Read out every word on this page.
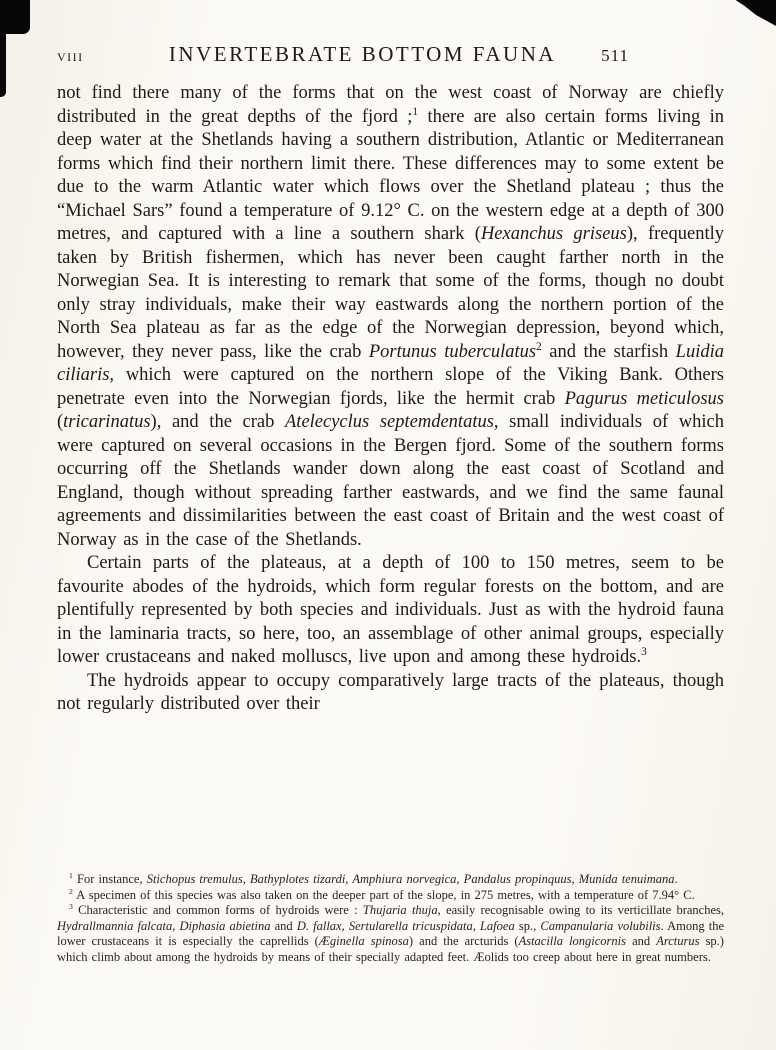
VIII	INVERTEBRATE BOTTOM FAUNA	511

not find there many of the forms that on the west coast of Norway are chiefly distributed in the great depths of the fjord ;$^1$ there are also certain forms living in deep water at the Shetlands having a southern distribution, Atlantic or Mediterranean forms which find their northern limit there. These differences may to some extent be due to the warm Atlantic water which flows over the Shetland plateau ; thus the “Michael Sars” found a temperature of 9.12° C. on the western edge at a depth of 300 metres, and captured with a line a southern shark (Hexanchus griseus), frequently taken by British fishermen, which has never been caught farther north in the Norwegian Sea. It is interesting to remark that some of the forms, though no doubt only stray individuals, make their way eastwards along the northern portion of the North Sea plateau as far as the edge of the Norwegian depression, beyond which, however, they never pass, like the crab Portunus tuberculatus$^2$ and the starfish Luidia ciliaris, which were captured on the northern slope of the Viking Bank. Others penetrate even into the Norwegian fjords, like the hermit crab Pagurus meticulosus (tricarinatus), and the crab Atelecyclus septemdentatus, small individuals of which were captured on several occasions in the Bergen fjord. Some of the southern forms occurring off the Shetlands wander down along the east coast of Scotland and England, though without spreading farther eastwards, and we find the same faunal agreements and dissimilarities between the east coast of Britain and the west coast of Norway as in the case of the Shetlands.

Certain parts of the plateaus, at a depth of 100 to 150 metres, seem to be favourite abodes of the hydroids, which form regular forests on the bottom, and are plentifully represented by both species and individuals. Just as with the hydroid fauna in the laminaria tracts, so here, too, an assemblage of other animal groups, especially lower crustaceans and naked molluscs, live upon and among these hydroids.$^3$

The hydroids appear to occupy comparatively large tracts of the plateaus, though not regularly distributed over their

$^1$ For instance, Stichopus tremulus, Bathyplotes tizardi, Amphiura norvegica, Pandalus propinquus, Munida tenuimana.

$^2$ A specimen of this species was also taken on the deeper part of the slope, in 275 metres, with a temperature of 7.94° C.

$^3$ Characteristic and common forms of hydroids were : Thujaria thuja, easily recognisable owing to its verticillate branches, Hydrallmannia falcata, Diphasia abietina and D. fallax, Sertularella tricuspidata, Lafoea sp., Campanularia volubilis. Among the lower crustaceans it is especially the caprellids (Æginella spinosa) and the arcturids (Astacilla longicornis and Arcturus sp.) which climb about among the hydroids by means of their specially adapted feet. Æolids too creep about here in great numbers.
